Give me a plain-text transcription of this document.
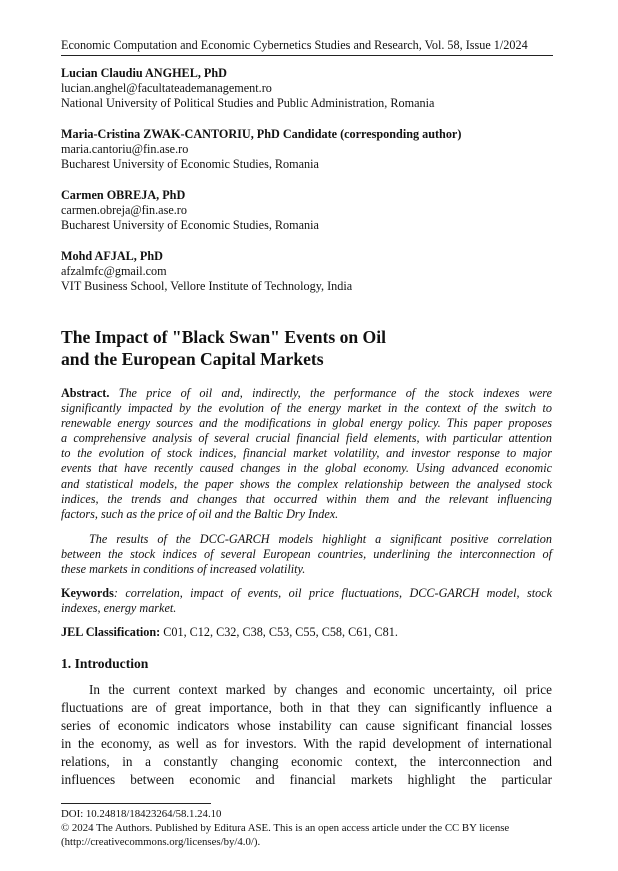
Economic Computation and Economic Cybernetics Studies and Research, Vol. 58, Issue 1/2024
Lucian Claudiu ANGHEL, PhD
lucian.anghel@facultateademanagement.ro
National University of Political Studies and Public Administration, Romania
Maria-Cristina ZWAK-CANTORIU, PhD Candidate (corresponding author)
maria.cantoriu@fin.ase.ro
Bucharest University of Economic Studies, Romania
Carmen OBREJA, PhD
carmen.obreja@fin.ase.ro
Bucharest University of Economic Studies, Romania
Mohd AFJAL, PhD
afzalmfc@gmail.com
VIT Business School, Vellore Institute of Technology, India
The Impact of "Black Swan" Events on Oil
and the European Capital Markets
Abstract. The price of oil and, indirectly, the performance of the stock indexes were
significantly impacted by the evolution of the energy market in the context of the switch to
renewable energy sources and the modifications in global energy policy. This paper proposes
a comprehensive analysis of several crucial financial field elements, with particular attention
to the evolution of stock indices, financial market volatility, and investor response to major
events that have recently caused changes in the global economy. Using advanced economic
and statistical models, the paper shows the complex relationship between the analysed stock
indices, the trends and changes that occurred within them and the relevant influencing
factors, such as the price of oil and the Baltic Dry Index.
The results of the DCC-GARCH models highlight a significant positive correlation
between the stock indices of several European countries, underlining the interconnection of
these markets in conditions of increased volatility.
Keywords: correlation, impact of events, oil price fluctuations, DCC-GARCH model, stock
indexes, energy market.
JEL Classification: C01, C12, C32, C38, C53, C55, C58, C61, C81.
1. Introduction
In the current context marked by changes and economic uncertainty, oil price
fluctuations are of great importance, both in that they can significantly influence a
series of economic indicators whose instability can cause significant financial losses
in the economy, as well as for investors. With the rapid development of international
relations, in a constantly changing economic context, the interconnection and
influences between economic and financial markets highlight the particular
DOI: 10.24818/18423264/58.1.24.10
© 2024 The Authors. Published by Editura ASE. This is an open access article under the CC BY license
(http://creativecommons.org/licenses/by/4.0/).
